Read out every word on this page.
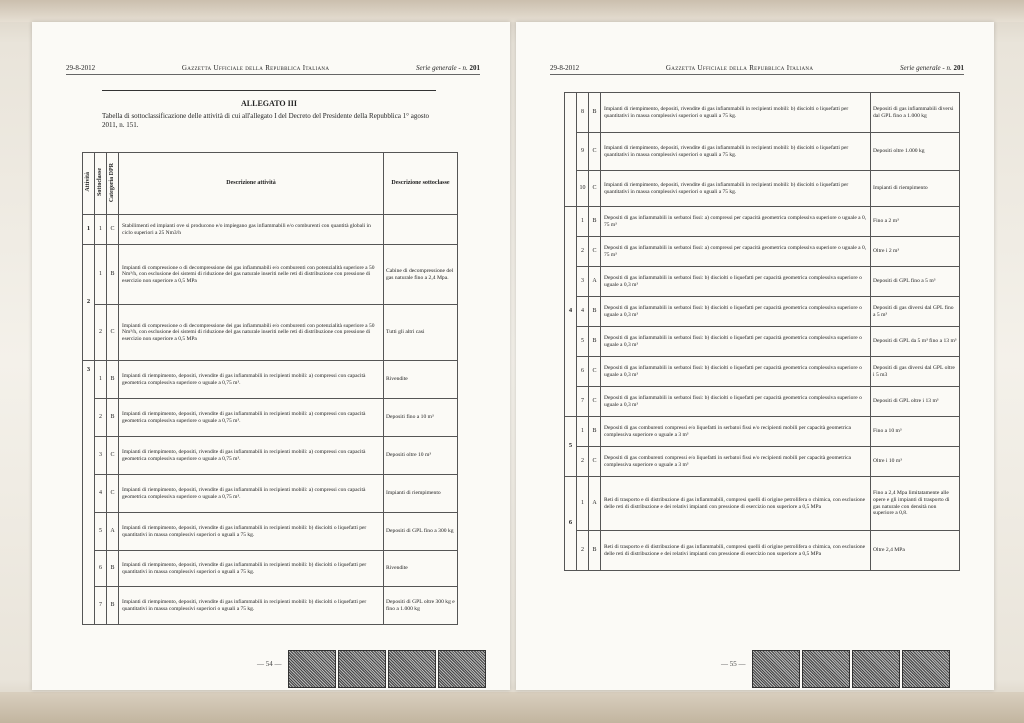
29-8-2012	Gazzetta Ufficiale della Repubblica Italiana	Serie generale - n. 201
ALLEGATO III
Tabella di sottoclassificazione delle attività di cui all'allegato I del Decreto del Presidente della Repubblica 1° agosto 2011, n. 151.
Attività	Sottoclasse	Categoria DPR	Descrizione attività	Descrizione sottoclasse
1	1	C	Stabilimenti ed impianti ove si producono e/o impiegano gas infiammabili e/o comburenti con quantità globali in ciclo superiori a 25 Nm3/h	
2	1	B	Impianti di compressione o di decompressione dei gas infiammabili e/o comburenti con potenzialità superiore a 50 Nm³/h, con esclusione dei sistemi di riduzione del gas naturale inseriti nelle reti di distribuzione con pressione di esercizio non superiore a 0,5 MPa	Cabine di decompressione del gas naturale fino a 2,4 Mpa.
	2	C	Impianti di compressione o di decompressione dei gas infiammabili e/o comburenti con potenzialità superiore a 50 Nm³/h, con esclusione dei sistemi di riduzione del gas naturale inseriti nelle reti di distribuzione con pressione di esercizio non superiore a 0,5 MPa	Tutti gli altri casi
3	1	B	Impianti di riempimento, depositi, rivendite di gas infiammabili in recipienti mobili: a) compressi con capacità geometrica complessiva superiore o uguale a 0,75 m³.	Rivendite
	2	B	Impianti di riempimento, depositi, rivendite di gas infiammabili in recipienti mobili: a) compressi con capacità geometrica complessiva superiore o uguale a 0,75 m³.	Depositi fino a 10 m³
	3	C	Impianti di riempimento, depositi, rivendite di gas infiammabili in recipienti mobili: a) compressi con capacità geometrica complessiva superiore o uguale a 0,75 m³.	Depositi oltre 10 m³
	4	C	Impianti di riempimento, depositi, rivendite di gas infiammabili in recipienti mobili: a) compressi con capacità geometrica complessiva superiore o uguale a 0,75 m³.	Impianti di riempimento
	5	A	Impianti di riempimento, depositi, rivendite di gas infiammabili in recipienti mobili: b) disciolti o liquefatti per quantitativi in massa complessivi superiori o uguali a 75 kg.	Depositi di GPL fino a 300 kg
	6	B	Impianti di riempimento, depositi, rivendite di gas infiammabili in recipienti mobili: b) disciolti o liquefatti per quantitativi in massa complessivi superiori o uguali a 75 kg.	Rivendite
	7	B	Impianti di riempimento, depositi, rivendite di gas infiammabili in recipienti mobili: b) disciolti o liquefatti per quantitativi in massa complessivi superiori o uguali a 75 kg.	Depositi di GPL oltre 300 kg e fino a 1.000 kg
— 54 —
29-8-2012	Gazzetta Ufficiale della Repubblica Italiana	Serie generale - n. 201
	8	B	Impianti di riempimento, depositi, rivendite di gas infiammabili in recipienti mobili: b) disciolti o liquefatti per quantitativi in massa complessivi superiori o uguali a 75 kg.	Depositi di gas infiammabili diversi dal GPL fino a 1.000 kg
	9	C	Impianti di riempimento, depositi, rivendite di gas infiammabili in recipienti mobili: b) disciolti o liquefatti per quantitativi in massa complessivi superiori o uguali a 75 kg.	Depositi oltre 1.000 kg
	10	C	Impianti di riempimento, depositi, rivendite di gas infiammabili in recipienti mobili: b) disciolti o liquefatti per quantitativi in massa complessivi superiori o uguali a 75 kg.	Impianti di riempimento
4	1	B	Depositi di gas infiammabili in serbatoi fissi: a) compressi per capacità geometrica complessiva superiore o uguale a 0, 75 m³	Fino a 2 m³
	2	C	Depositi di gas infiammabili in serbatoi fissi: a) compressi per capacità geometrica complessiva superiore o uguale a 0, 75 m³	Oltre i 2 m³
	3	A	Depositi di gas infiammabili in serbatoi fissi: b) disciolti o liquefatti per capacità geometrica complessiva superiore o uguale a 0,3 m³	Depositi di GPL fino a 5 m³
	4	B	Depositi di gas infiammabili in serbatoi fissi: b) disciolti o liquefatti per capacità geometrica complessiva superiore o uguale a 0,3 m³	Depositi di gas diversi dal GPL fino a 5 m³
	5	B	Depositi di gas infiammabili in serbatoi fissi: b) disciolti o liquefatti per capacità geometrica complessiva superiore o uguale a 0,3 m³	Depositi di GPL da 5 m³ fino a 13 m³
	6	C	Depositi di gas infiammabili in serbatoi fissi: b) disciolti o liquefatti per capacità geometrica complessiva superiore o uguale a 0,3 m³	Depositi di gas diversi dal GPL oltre i 5 m3
	7	C	Depositi di gas infiammabili in serbatoi fissi: b) disciolti o liquefatti per capacità geometrica complessiva superiore o uguale a 0,3 m³	Depositi di GPL oltre i 13 m³
5	1	B	Depositi di gas comburenti compressi e/o liquefatti in serbatoi fissi e/o recipienti mobili per capacità geometrica complessiva superiore o uguale a 3 m³	Fino a 10 m³
	2	C	Depositi di gas comburenti compressi e/o liquefatti in serbatoi fissi e/o recipienti mobili per capacità geometrica complessiva superiore o uguale a 3 m³	Oltre i 10 m³
6	1	A	Reti di trasporto e di distribuzione di gas infiammabili, compresi quelli di origine petrolifera o chimica, con esclusione delle reti di distribuzione e dei relativi impianti con pressione di esercizio non superiore a 0,5 MPa	Fino a 2,4 Mpa limitatamente alle opere e gli impianti di trasporto di gas naturale con densità non superiore a 0,8.
	2	B	Reti di trasporto e di distribuzione di gas infiammabili, compresi quelli di origine petrolifera o chimica, con esclusione delle reti di distribuzione e dei relativi impianti con pressione di esercizio non superiore a 0,5 MPa	Oltre 2,4 MPa
— 55 —
